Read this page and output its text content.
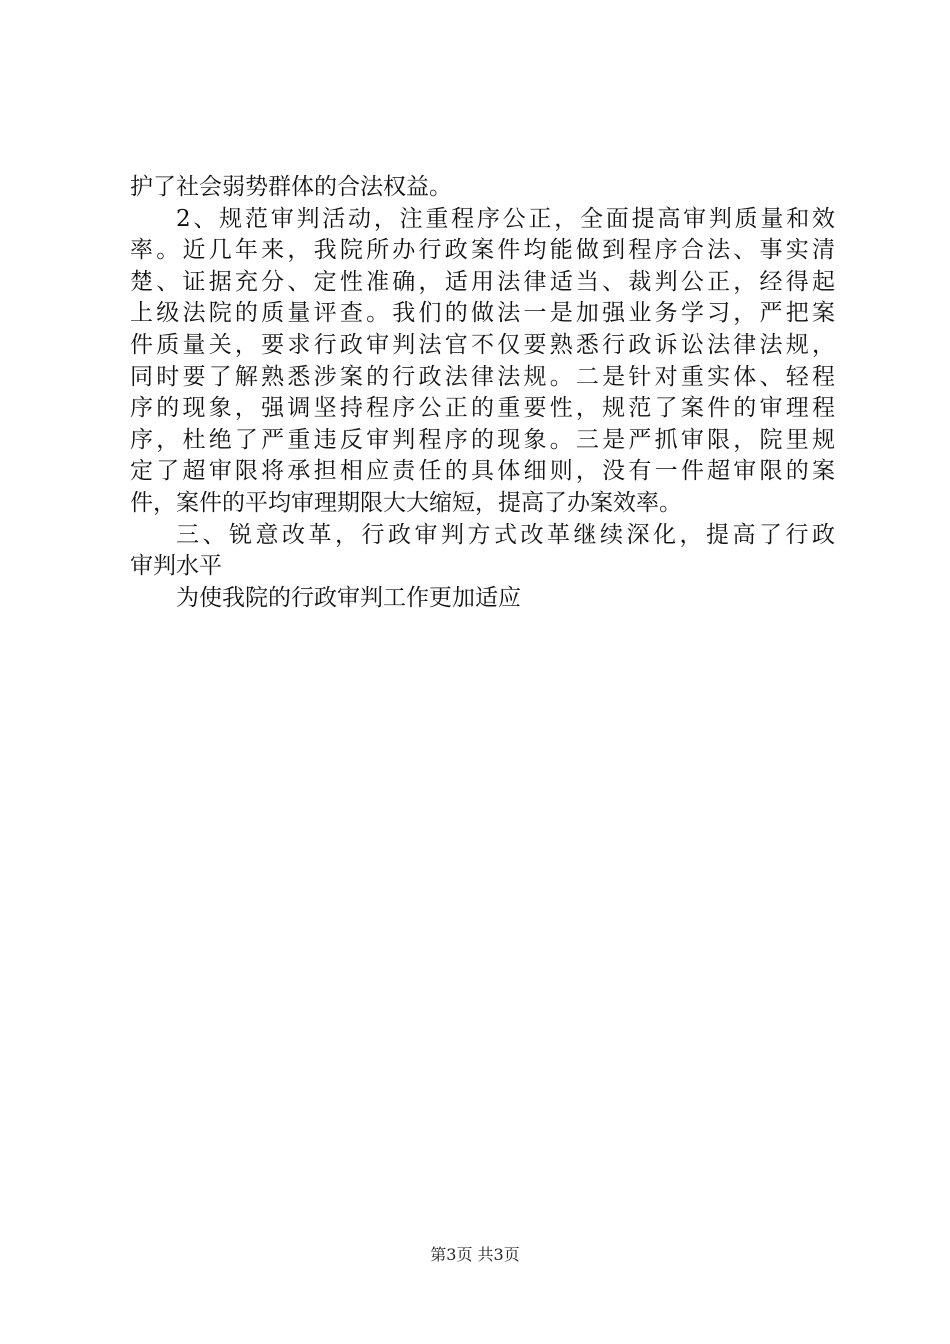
护了社会弱势群体的合法权益。
2、规范审判活动，注重程序公正，全面提高审判质量和效
率。近几年来，我院所办行政案件均能做到程序合法、事实清
楚、证据充分、定性准确，适用法律适当、裁判公正，经得起
上级法院的质量评查。我们的做法一是加强业务学习，严把案
件质量关，要求行政审判法官不仅要熟悉行政诉讼法律法规，
同时要了解熟悉涉案的行政法律法规。二是针对重实体、轻程
序的现象，强调坚持程序公正的重要性，规范了案件的审理程
序，杜绝了严重违反审判程序的现象。三是严抓审限，院里规
定了超审限将承担相应责任的具体细则，没有一件超审限的案
件，案件的平均审理期限大大缩短，提高了办案效率。
三、锐意改革，行政审判方式改革继续深化，提高了行政
审判水平
为使我院的行政审判工作更加适应
第3页 共3页
